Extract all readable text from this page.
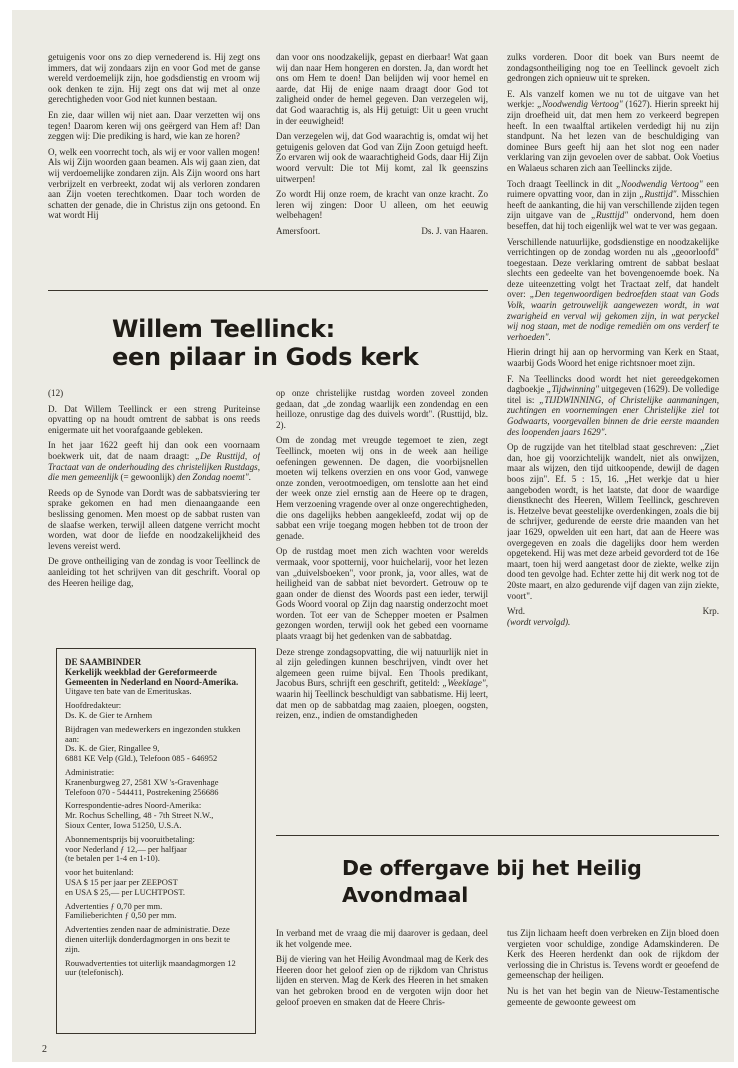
getuigenis voor ons zo diep vernederend is. Hij zegt ons immers, dat wij zondaars zijn en voor God met de ganse wereld verdoemelijk zijn, hoe godsdienstig en vroom wij ook denken te zijn. Hij zegt ons dat wij met al onze gerechtigheden voor God niet kunnen bestaan.

En zie, daar willen wij niet aan. Daar verzetten wij ons tegen! Daarom keren wij ons geërgerd van Hem af! Dan zeggen wij: Die prediking is hard, wie kan ze horen?

O, welk een voorrecht toch, als wij er voor vallen mogen! Als wij Zijn woorden gaan beamen. Als wij gaan zien, dat wij verdoemelijke zondaren zijn. Als Zijn woord ons hart verbrijzelt en verbreekt, zodat wij als verloren zondaren aan Zijn voeten terechtkomen. Daar toch worden de schatten der genade, die in Christus zijn ons getoond. En wat wordt Hij

dan voor ons noodzakelijk, gepast en dierbaar! Wat gaan wij dan naar Hem hongeren en dorsten. Ja, dan wordt het ons om Hem te doen! Dan belijden wij voor hemel en aarde, dat Hij de enige naam draagt door God tot zaligheid onder de hemel gegeven. Dan verzegelen wij, dat God waarachtig is, als Hij getuigt: Uit u geen vrucht in der eeuwigheid!

Dan verzegelen wij, dat God waarachtig is, omdat wij het getuigenis geloven dat God van Zijn Zoon getuigd heeft. Zo ervaren wij ook de waarachtigheid Gods, daar Hij Zijn woord vervult: Die tot Mij komt, zal Ik geenszins uitwerpen!

Zo wordt Hij onze roem, de kracht van onze kracht. Zo leren wij zingen: Door U alleen, om het eeuwig welbehagen!

Amersfoort.	Ds. J. van Haaren.

zulks vorderen. Door dit boek van Burs neemt de zondagsontheiliging nog toe en Teellinck gevoelt zich gedrongen zich opnieuw uit te spreken.

E. Als vanzelf komen we nu tot de uitgave van het werkje: „Noodwendig Vertoog" (1627). Hierin spreekt hij zijn droefheid uit, dat men hem zo verkeerd begrepen heeft. In een twaalftal artikelen verdedigt hij nu zijn standpunt. Na het lezen van de beschuldiging van dominee Burs geeft hij aan het slot nog een nader verklaring van zijn gevoelen over de sabbat. Ook Voetius en Walaeus scharen zich aan Teellincks zijde.

Toch draagt Teellinck in dit „Noodwendig Vertoog" een ruimere opvatting voor, dan in zijn „Rusttijd". Misschien heeft de aankanting, die hij van verschillende zijden tegen zijn uitgave van de „Rusttijd" ondervond, hem doen beseffen, dat hij toch eigenlijk wel wat te ver was gegaan.

Verschillende natuurlijke, godsdienstige en noodzakelijke verrichtingen op de zondag worden nu als „geoorloofd" toegestaan. Deze verklaring omtrent de sabbat beslaat slechts een gedeelte van het bovengenoemde boek. Na deze uiteenzetting volgt het Tractaat zelf, dat handelt over: „Den tegenwoordigen bedroefden staat van Gods Volk, waarin getrouwelijk aangewezen wordt, in wat zwarigheid en verval wij gekomen zijn, in wat peryckel wij nog staan, met de nodige remediën om ons verderf te verhoeden".

Hierin dringt hij aan op hervorming van Kerk en Staat, waarbij Gods Woord het enige richtsnoer moet zijn.

F. Na Teellincks dood wordt het niet gereedgekomen dagboekje „Tijdwinning" uitgegeven (1629). De volledige titel is: „TIJDWINNING, of Christelijke aanmaningen, zuchtingen en voornemingen ener Christelijke ziel tot Godwaarts, voorgevallen binnen de drie eerste maanden des loopenden jaars 1629".

Op de rugzijde van het titelblad staat geschreven: „Ziet dan, hoe gij voorzichtelijk wandelt, niet als onwijzen, maar als wijzen, den tijd uitkoopende, dewijl de dagen boos zijn". Ef. 5 : 15, 16. „Het werkje dat u hier aangeboden wordt, is het laatste, dat door de waardige dienstknecht des Heeren, Willem Teellinck, geschreven is. Hetzelve bevat geestelijke overdenkingen, zoals die bij de schrijver, gedurende de eerste drie maanden van het jaar 1629, opwelden uit een hart, dat aan de Heere was overgegeven en zoals die dagelijks door hem werden opgetekend. Hij was met deze arbeid gevorderd tot de 16e maart, toen hij werd aangetast door de ziekte, welke zijn dood ten gevolge had. Echter zette hij dit werk nog tot de 20ste maart, en alzo gedurende vijf dagen van zijn ziekte, voort".

Wrd.	Krp.
(wordt vervolgd).
Willem Teellinck:
een pilaar in Gods kerk

(12)

D. Dat Willem Teellinck er een streng Puriteinse opvatting op na houdt omtrent de sabbat is ons reeds enigermate uit het voorafgaande gebleken.

In het jaar 1622 geeft hij dan ook een voornaam boekwerk uit, dat de naam draagt: „De Rusttijd, of Tractaat van de onderhouding des christelijken Rustdags, die men gemeenlijk (= gewoonlijk) den Zondag noemt".

Reeds op de Synode van Dordt was de sabbatsviering ter sprake gekomen en had men dienaangaande een beslissing genomen. Men moest op de sabbat rusten van de slaafse werken, terwijl alleen datgene verricht mocht worden, wat door de liefde en noodzakelijkheid des levens vereist werd.

De grove ontheiliging van de zondag is voor Teellinck de aanleiding tot het schrijven van dit geschrift. Vooral op des Heeren heilige dag,

op onze christelijke rustdag worden zoveel zonden gedaan, dat „de zondag waarlijk een zondendag en een heilloze, onrustige dag des duivels wordt". (Rusttijd, blz. 2).

Om de zondag met vreugde tegemoet te zien, zegt Teellinck, moeten wij ons in de week aan heilige oefeningen gewennen. De dagen, die voorbijsnellen moeten wij telkens overzien en ons voor God, vanwege onze zonden, verootmoedigen, om tenslotte aan het eind der week onze ziel ernstig aan de Heere op te dragen, Hem verzoening vragende over al onze ongerechtigheden, die ons dagelijks hebben aangekleefd, zodat wij op de sabbat een vrije toegang mogen hebben tot de troon der genade.

Op de rustdag moet men zich wachten voor werelds vermaak, voor spotternij, voor huichelarij, voor het lezen van „duivelsboeken", voor pronk, ja, voor alles, wat de heiligheid van de sabbat niet bevordert. Getrouw op te gaan onder de dienst des Woords past een ieder, terwijl Gods Woord vooral op Zijn dag naarstig onderzocht moet worden. Tot eer van de Schepper moeten er Psalmen gezongen worden, terwijl ook het gebed een voorname plaats vraagt bij het gedenken van de sabbatdag.

Deze strenge zondagsopvatting, die wij natuurlijk niet in al zijn geledingen kunnen beschrijven, vindt over het algemeen geen ruime bijval. Een Thools predikant, Jacobus Burs, schrijft een geschrift, getiteld: „Weeklage", waarin hij Teellinck beschuldigt van sabbatisme. Hij leert, dat men op de sabbatdag mag zaaien, ploegen, oogsten, reizen, enz., indien de omstandigheden

DE SAAMBINDER
Kerkelijk weekblad der Gereformeerde Gemeenten in Nederland en Noord-Amerika.
Uitgave ten bate van de Emerituskas.
Hoofdredakteur:
Ds. K. de Gier te Arnhem
Bijdragen van medewerkers en ingezonden stukken aan:
Ds. K. de Gier, Ringallee 9,
6881 KE Velp (Gld.), Telefoon 085 - 646952
Administratie:
Kranenburgweg 27, 2581 XW 's-Gravenhage
Telefoon 070 - 544411, Postrekening 256686
Korrespondentie-adres Noord-Amerika:
Mr. Rochus Schelling, 48 - 7th Street N.W.,
Sioux Center, Iowa 51250, U.S.A.
Abonnementsprijs bij vooruitbetaling:
voor Nederland ƒ 12,— per halfjaar
(te betalen per 1-4 en 1-10).
voor het buitenland:
USA $ 15 per jaar per ZEEPOST
en USA $ 25,— per LUCHTPOST.
Advertenties ƒ 0,70 per mm.
Familieberichten ƒ 0,50 per mm.
Advertenties zenden naar de administratie. Deze dienen uiterlijk donderdagmorgen in ons bezit te zijn.
Rouwadvertenties tot uiterlijk maandagmorgen 12 uur (telefonisch).
De offergave bij het Heilig
Avondmaal

In verband met de vraag die mij daarover is gedaan, deel ik het volgende mee.

Bij de viering van het Heilig Avondmaal mag de Kerk des Heeren door het geloof zien op de rijkdom van Christus lijden en sterven. Mag de Kerk des Heeren in het smaken van het gebroken brood en de vergoten wijn door het geloof proeven en smaken dat de Heere Chris-

tus Zijn lichaam heeft doen verbreken en Zijn bloed doen vergieten voor schuldige, zondige Adamskinderen. De Kerk des Heeren herdenkt dan ook de rijkdom der verlossing die in Christus is. Tevens wordt er geoefend de gemeenschap der heiligen.

Nu is het van het begin van de Nieuw-Testamentische gemeente de gewoonte geweest om

2
